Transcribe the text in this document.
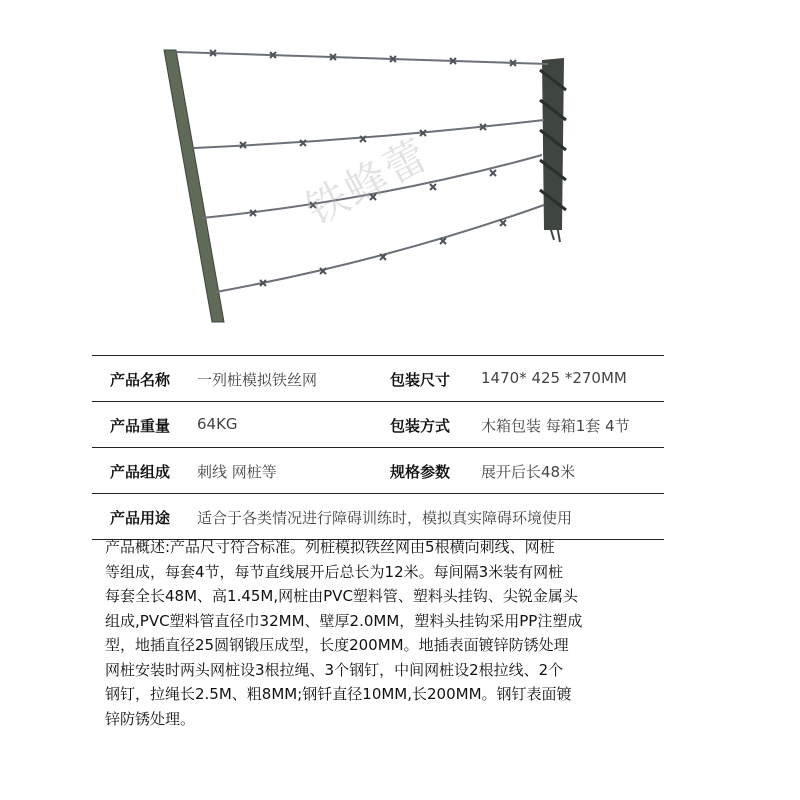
铁蜂蕾
产品名称 一列桩模拟铁丝网	包装尺寸 1470* 425 *270MM
产品重量 64KG	包装方式 木箱包装 每箱1套 4节
产品组成 刺线 网桩等	规格参数 展开后长48米
产品用途 适合于各类情况进行障碍训练时，模拟真实障碍环境使用
产品概述:产品尺寸符合标准。列桩模拟铁丝网由5根横向刺线、网桩
等组成，每套4节，每节直线展开后总长为12米。每间隔3米装有网桩
每套全长48M、高1.45M,网桩由PVC塑料管、塑料头挂钩、尖锐金属头
组成,PVC塑料管直径巾32MM、壁厚2.0MM，塑料头挂钩采用PP注塑成
型，地插直径25圆钢锻压成型，长度200MM。地插表面镀锌防锈处理
网桩安装时两头网桩设3根拉绳、3个钢钉，中间网桩设2根拉线、2个
钢钉，拉绳长2.5M、粗8MM;钢钎直径10MM,长200MM。钢钉表面镀
锌防锈处理。
